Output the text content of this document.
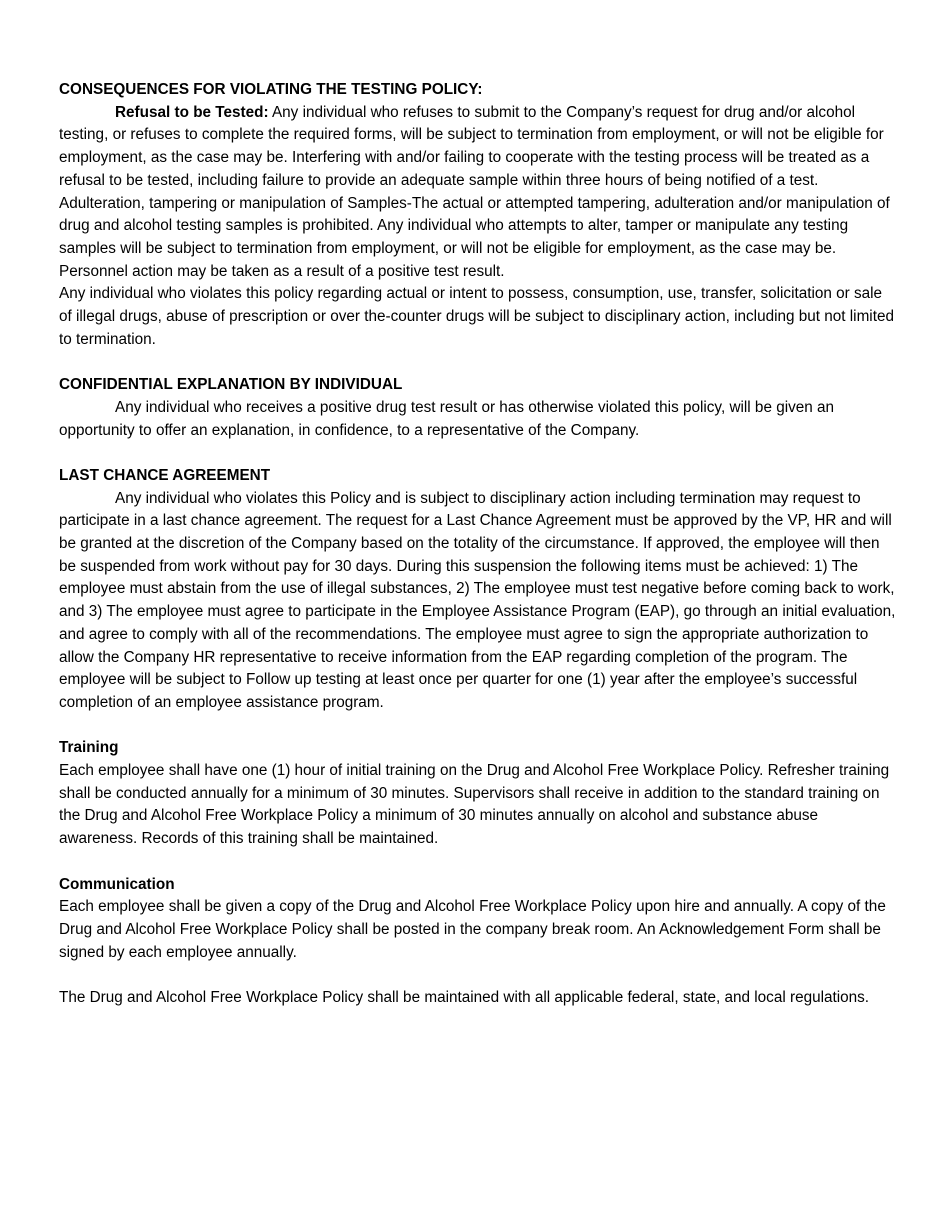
CONSEQUENCES FOR VIOLATING THE TESTING POLICY:

Refusal to be Tested: Any individual who refuses to submit to the Company’s request for drug and/or alcohol testing, or refuses to complete the required forms, will be subject to termination from employment, or will not be eligible for employment, as the case may be. Interfering with and/or failing to cooperate with the testing process will be treated as a refusal to be tested, including failure to provide an adequate sample within three hours of being notified of a test.

Adulteration, tampering or manipulation of Samples-The actual or attempted tampering, adulteration and/or manipulation of drug and alcohol testing samples is prohibited. Any individual who attempts to alter, tamper or manipulate any testing samples will be subject to termination from employment, or will not be eligible for employment, as the case may be.

Personnel action may be taken as a result of a positive test result.

Any individual who violates this policy regarding actual or intent to possess, consumption, use, transfer, solicitation or sale of illegal drugs, abuse of prescription or over the-counter drugs will be subject to disciplinary action, including but not limited to termination.

CONFIDENTIAL EXPLANATION BY INDIVIDUAL

Any individual who receives a positive drug test result or has otherwise violated this policy, will be given an opportunity to offer an explanation, in confidence, to a representative of the Company.

LAST CHANCE AGREEMENT

Any individual who violates this Policy and is subject to disciplinary action including termination may request to participate in a last chance agreement. The request for a Last Chance Agreement must be approved by the VP, HR and will be granted at the discretion of the Company based on the totality of the circumstance. If approved, the employee will then be suspended from work without pay for 30 days. During this suspension the following items must be achieved: 1) The employee must abstain from the use of illegal substances, 2) The employee must test negative before coming back to work, and 3) The employee must agree to participate in the Employee Assistance Program (EAP), go through an initial evaluation, and agree to comply with all of the recommendations. The employee must agree to sign the appropriate authorization to allow the Company HR representative to receive information from the EAP regarding completion of the program. The employee will be subject to Follow up testing at least once per quarter for one (1) year after the employee’s successful completion of an employee assistance program.

Training

Each employee shall have one (1) hour of initial training on the Drug and Alcohol Free Workplace Policy. Refresher training shall be conducted annually for a minimum of 30 minutes. Supervisors shall receive in addition to the standard training on the Drug and Alcohol Free Workplace Policy a minimum of 30 minutes annually on alcohol and substance abuse awareness. Records of this training shall be maintained.

Communication

Each employee shall be given a copy of the Drug and Alcohol Free Workplace Policy upon hire and annually. A copy of the Drug and Alcohol Free Workplace Policy shall be posted in the company break room. An Acknowledgement Form shall be signed by each employee annually.

The Drug and Alcohol Free Workplace Policy shall be maintained with all applicable federal, state, and local regulations.
